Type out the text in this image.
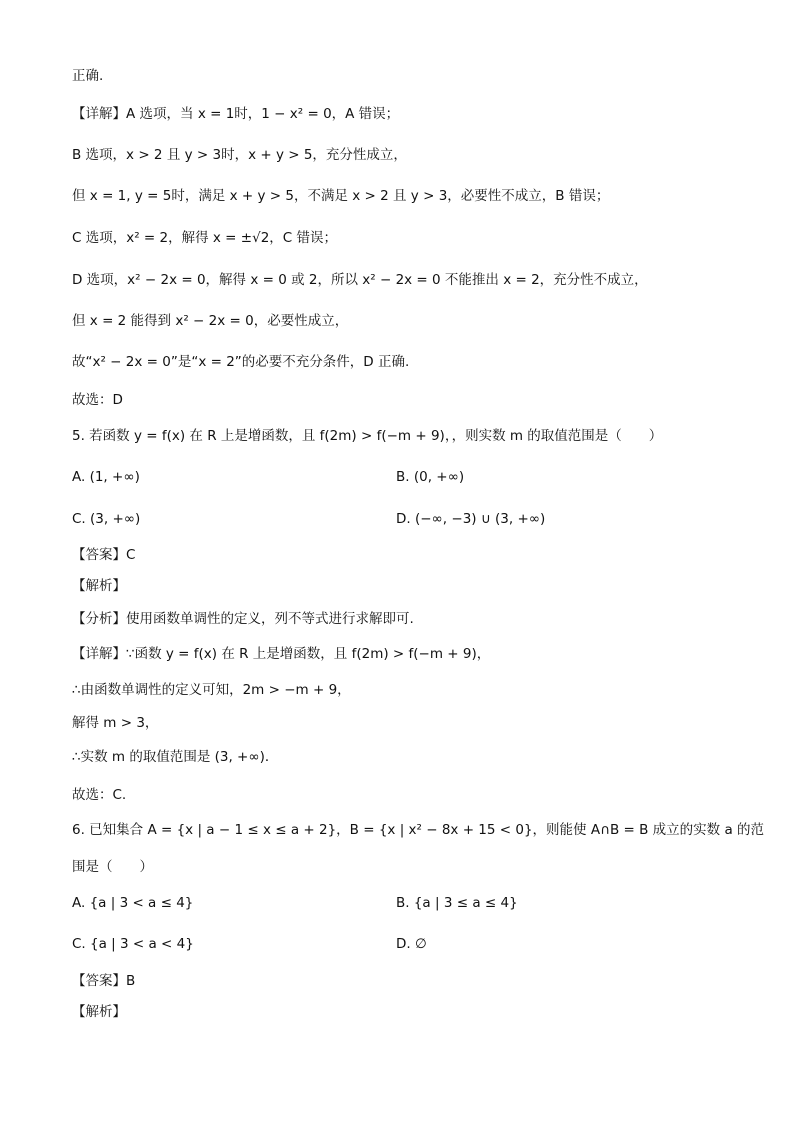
正确.
【详解】A 选项，当 x = 1时，1 − x² = 0，A 错误；
B 选项，x > 2 且 y > 3时，x + y > 5，充分性成立，
但 x = 1, y = 5时，满足 x + y > 5，不满足 x > 2 且 y > 3，必要性不成立，B 错误；
C 选项，x² = 2，解得 x = ±√2，C 错误；
D 选项，x² − 2x = 0，解得 x = 0 或 2，所以 x² − 2x = 0 不能推出 x = 2，充分性不成立，
但 x = 2 能得到 x² − 2x = 0，必要性成立，
故“x² − 2x = 0”是“x = 2”的必要不充分条件，D 正确.
故选：D
5. 若函数 y = f(x) 在 R 上是增函数，且 f(2m) > f(−m + 9)，，则实数 m 的取值范围是（　　）
A. (1, +∞)	B. (0, +∞)
C. (3, +∞)	D. (−∞, −3) ∪ (3, +∞)
【答案】C
【解析】
【分析】使用函数单调性的定义，列不等式进行求解即可.
【详解】∵函数 y = f(x) 在 R 上是增函数，且 f(2m) > f(−m + 9)，
∴由函数单调性的定义可知，2m > −m + 9，
解得 m > 3，
∴实数 m 的取值范围是 (3, +∞)．
故选：C.
6. 已知集合 A = {x | a − 1 ≤ x ≤ a + 2}，B = {x | x² − 8x + 15 < 0}，则能使 A∩B = B 成立的实数 a 的范
围是（　　）
A. {a | 3 < a ≤ 4}	B. {a | 3 ≤ a ≤ 4}
C. {a | 3 < a < 4}	D. ∅
【答案】B
【解析】
